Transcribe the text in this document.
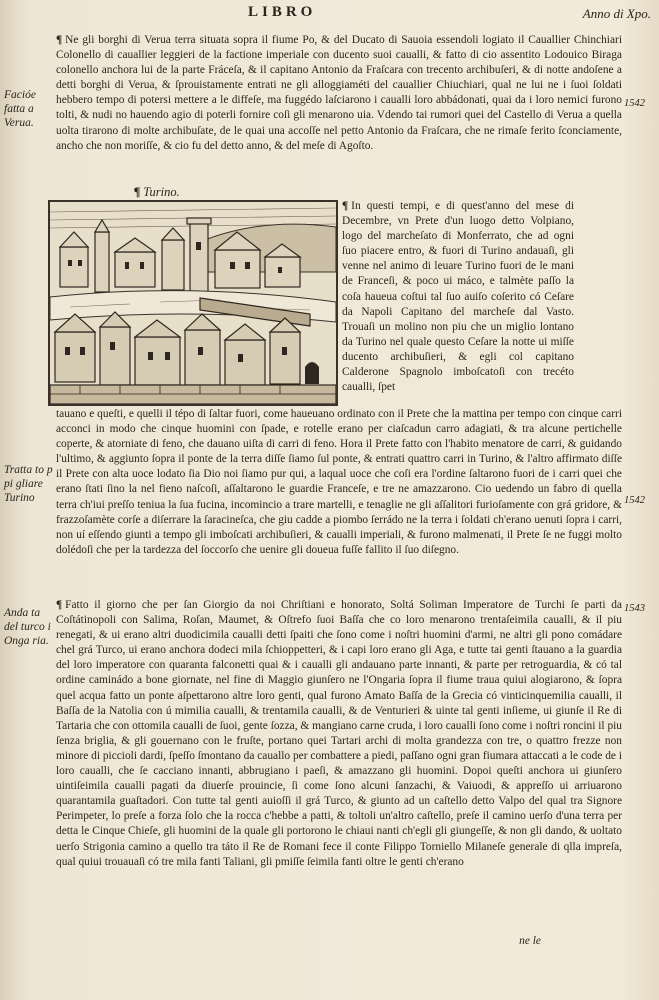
LIBRO	Anno di Xpo.
Facióe fatta a Verua.
Tratta to p pi gliare Turino
Anda ta del turco i Onga ria.
1542
1542
1543

¶ Ne gli borghi di Verua terra situata sopra il fiume Po, & del Ducato di Sauoia essendoli logiato il Cauallier Chinchiari Colonello di cauallier leggieri de la factione imperiale con ducento suoi caualli, & fatto di cio assentito Lodouico Biraga colonello anchora lui de la parte Fráceſa, & il capitano Antonio da Fraſcara con trecento archibuſeri, & di notte andoſene a detti borghi di Verua, & ſprouistamente entrati ne gli alloggiaméti del cauallier Chiuchiari, qual ne lui ne i ſuoi ſoldati hebbero tempo di potersi mettere a le diffeſe, ma fuggédo laſciarono i caualli loro abbádonati, quai da i loro nemici furono tolti, & nudi no hauendo agio di poterli fornire coſi gli menarono uia. Vdendo tai rumori quei del Castello di Verua a quella uolta tirarono di molte archibuſate, de le quai una accoſſe nel petto Antonio da Fraſcara, che ne rimaſe ferito ſconciamente, ancho che non moriſſe, & cio fu del detto anno, & del meſe di Agoſto.

¶ Turino.

¶ In questi tempi, e di quest'anno del mese di Decembre, vn Prete d'un luogo detto Volpiano, logo del marcheſato di Monferrato, che ad ogni ſuo piacere entro, & fuori di Turino andauaſi, gli venne nel animo di leuare Turino fuori de le mani de Franceſi, & poco ui máco, e talmète paſſo la coſa haueua coſtui tal ſuo auiſo coſerito có Ceſare da Napoli Capitano del marcheſe dal Vasto. Trouaſi un molino non piu che un miglio lontano da Turino nel quale questo Ceſare la notte ui miſſe ducento archibuſieri, & egli col capitano Calderone Spagnolo imboſcatoſi con trecéto caualli, ſpet

tauano e queſti, e quelli il tépo di ſaltar fuori, come haueuano ordinato con il Prete che la mattina per tempo con cinque carri acconci in modo che cinque huomini con ſpade, e rotelle erano per ciaſcadun carro adagiati, & tra alcune pertichelle coperte, & atorniate di feno, che dauano uiſta di carri di feno. Hora il Prete fatto con l'habito menatore de carri, & guidando l'ultimo, & aggiunto ſopra il ponte de la terra diſſe ſiamo ſul ponte, & entrati quattro carri in Turino, & l'altro affirmato diſſe il Prete con alta uoce lodato ſia Dio noi ſiamo pur qui, a laqual uoce che coſi era l'ordine ſaltarono fuori de i carri quei che erano ſtati ſino la nel fieno naſcoſi, aſſaltarono le guardie Franceſe, e tre ne amazzarono. Cio uedendo un fabro di quella terra ch'iui preſſo teniua la ſua fucina, incomincio a trare martelli, e tenaglie ne gli aſſalitori furioſamente con grá gridore, & frazzoſamète corſe a diſerrare la ſaracineſca, che giu cadde a piombo ſerrádo ne la terra i ſoldati ch'erano uenuti ſopra i carri, non uí eſſendo giunti a tempo gli imboſcati archibuſieri, & caualli imperiali, & furono malmenati, il Prete ſe ne fuggi molto dolédoſi che per la tardezza del ſoccorſo che uenire gli doueua fuſſe fallito il ſuo diſegno.

¶ Fatto il giorno che per ſan Giorgio da noi Chriſtiani e honorato, Soltá Soliman Imperatore de Turchi ſe parti da Coſtátinopoli con Salima, Roſan, Maumet, & Oſtrefo ſuoi Baſſa che co loro menarono trentaſeimila caualli, & il piu renegati, & ui erano altri duodicimila caualli detti ſpaiti che ſono come i noſtri huomini d'armi, ne altri gli pono comádare chel grá Turco, ui erano anchora dodeci mila ſchioppetteri, & i capi loro erano gli Aga, e tutte tai genti ſtauano a la guardia del loro imperatore con quaranta falconetti quai & i caualli gli andauano parte innanti, & parte per retroguardia, & có tal ordine caminádo a bone giornate, nel fine di Maggio giunſero ne l'Ongaria ſopra il fiume traua quiui alogiarono, & ſopra quel acqua fatto un ponte aſpettarono altre loro genti, qual furono Amato Baſſa de la Grecia có vinticinquemilia caualli, il Baſſa de la Natolia con ú mimilia caualli, & trentamila caualli, & de Venturieri & uinte tal genti inſieme, ui giunſe il Re di Tartaria che con ottomila caualli de ſuoi, gente ſozza, & mangiano carne cruda, i loro caualli ſono come i noſtri roncini il piu ſenza briglia, & gli gouernano con le fruſte, portano quei Tartari archi di molta grandezza con tre, o quattro frezze non minore di piccioli dardi, ſpeſſo ſmontano da cauallo per combattere a piedi, paſſano ogni gran fiumara attaccati a le code de i loro caualli, che ſe cacciano innanti, abbrugiano i paeſi, & amazzano gli huomini. Dopoi queſti anchora ui giunſero uintiſeimila caualli pagati da diuerſe prouincie, ſi come ſono alcuni ſanzachi, & Vaiuodi, & appreſſo ui arriuarono quarantamila guaſtadori. Con tutte tal genti auioſſi il grá Turco, & giunto ad un caſtello detto Valpo del qual tra Signore Perimpeter, lo preſe a forza ſolo che la rocca c'hebbe a patti, & toltoli un'altro caſtello, preſe il camino uerſo d'una terra per detta le Cinque Chieſe, gli huomini de la quale gli portorono le chiaui nanti ch'egli gli giungeſſe, & non gli dando, & uoltato uerſo Strigonia camino a quello tra táto il Re de Romani fece il conte Filippo Torniello Milaneſe generale di qlla impreſa, qual quiui trouauaſi có tre mila fanti Taliani, gli pmiſſe ſeimila fanti oltre le genti ch'erano

ne le
